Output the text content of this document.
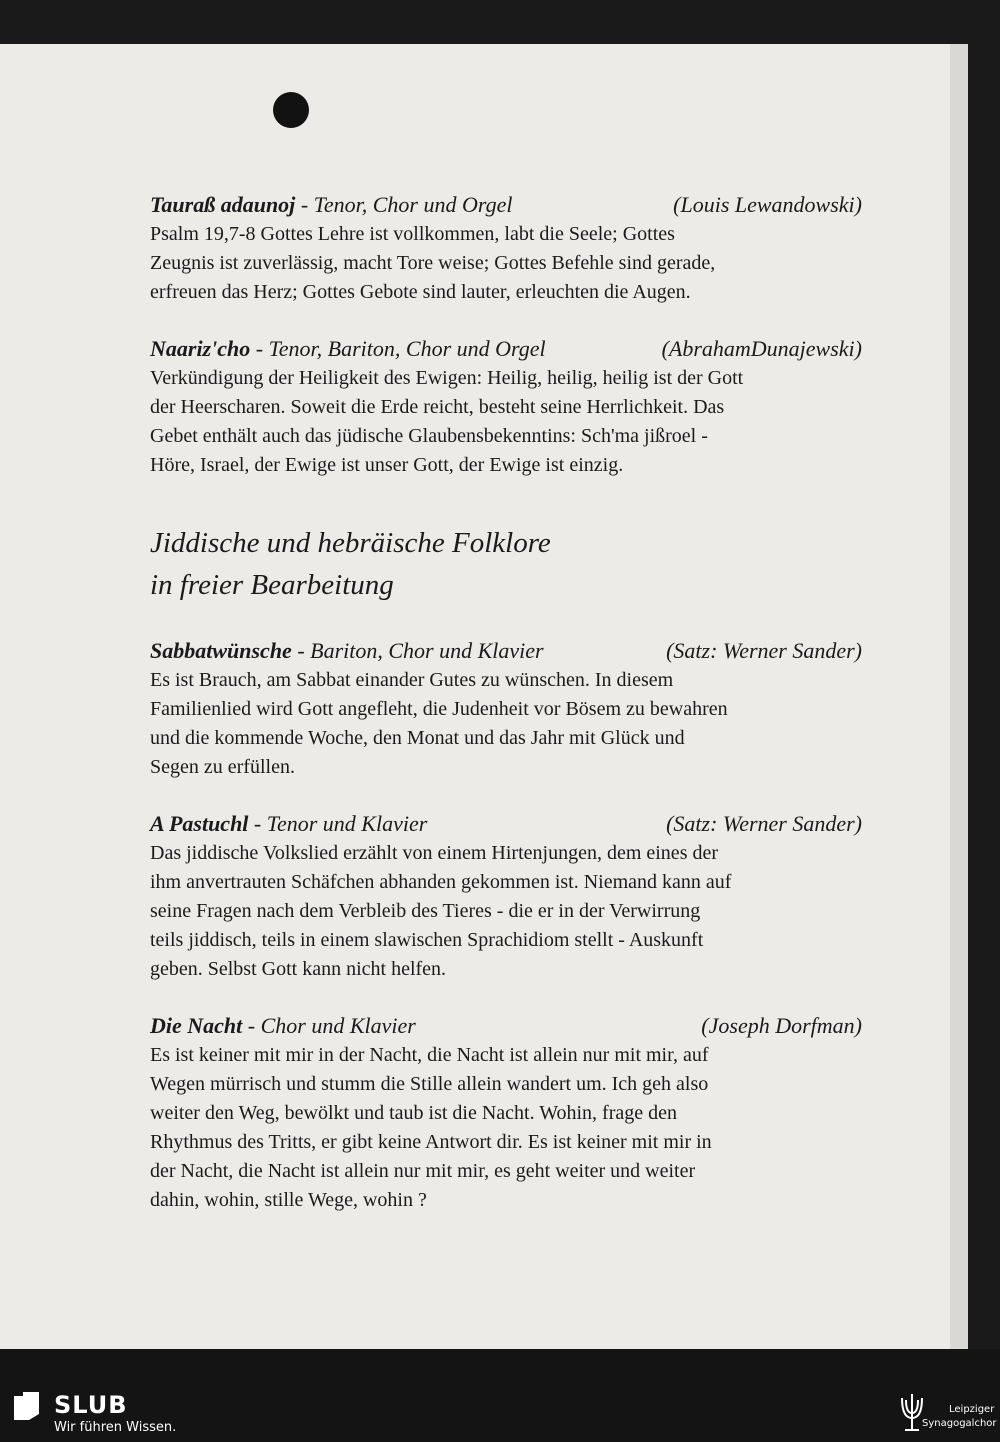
Tauraß adaunoj - Tenor, Chor und Orgel	(Louis Lewandowski)
Psalm 19,7-8 Gottes Lehre ist vollkommen, labt die Seele; Gottes
Zeugnis ist zuverlässig, macht Tore weise; Gottes Befehle sind gerade,
erfreuen das Herz; Gottes Gebote sind lauter, erleuchten die Augen.
Naariz'cho - Tenor, Bariton, Chor und Orgel	(AbrahamDunajewski)
Verkündigung der Heiligkeit des Ewigen: Heilig, heilig, heilig ist der Gott
der Heerscharen. Soweit die Erde reicht, besteht seine Herrlichkeit. Das
Gebet enthält auch das jüdische Glaubensbekenntins: Sch'ma jißroel -
Höre, Israel, der Ewige ist unser Gott, der Ewige ist einzig.
Jiddische und hebräische Folklore
in freier Bearbeitung
Sabbatwünsche - Bariton, Chor und Klavier	(Satz: Werner Sander)
Es ist Brauch, am Sabbat einander Gutes zu wünschen. In diesem
Familienlied wird Gott angefleht, die Judenheit vor Bösem zu bewahren
und die kommende Woche, den Monat und das Jahr mit Glück und
Segen zu erfüllen.
A Pastuchl - Tenor und Klavier	(Satz: Werner Sander)
Das jiddische Volkslied erzählt von einem Hirtenjungen, dem eines der
ihm anvertrauten Schäfchen abhanden gekommen ist. Niemand kann auf
seine Fragen nach dem Verbleib des Tieres - die er in der Verwirrung
teils jiddisch, teils in einem slawischen Sprachidiom stellt - Auskunft
geben. Selbst Gott kann nicht helfen.
Die Nacht - Chor und Klavier	(Joseph Dorfman)
Es ist keiner mit mir in der Nacht, die Nacht ist allein nur mit mir, auf
Wegen mürrisch und stumm die Stille allein wandert um. Ich geh also
weiter den Weg, bewölkt und taub ist die Nacht. Wohin, frage den
Rhythmus des Tritts, er gibt keine Antwort dir. Es ist keiner mit mir in
der Nacht, die Nacht ist allein nur mit mir, es geht weiter und weiter
dahin, wohin, stille Wege, wohin ?
SLUB
Wir führen Wissen.
Leipziger
Synagogalchor
